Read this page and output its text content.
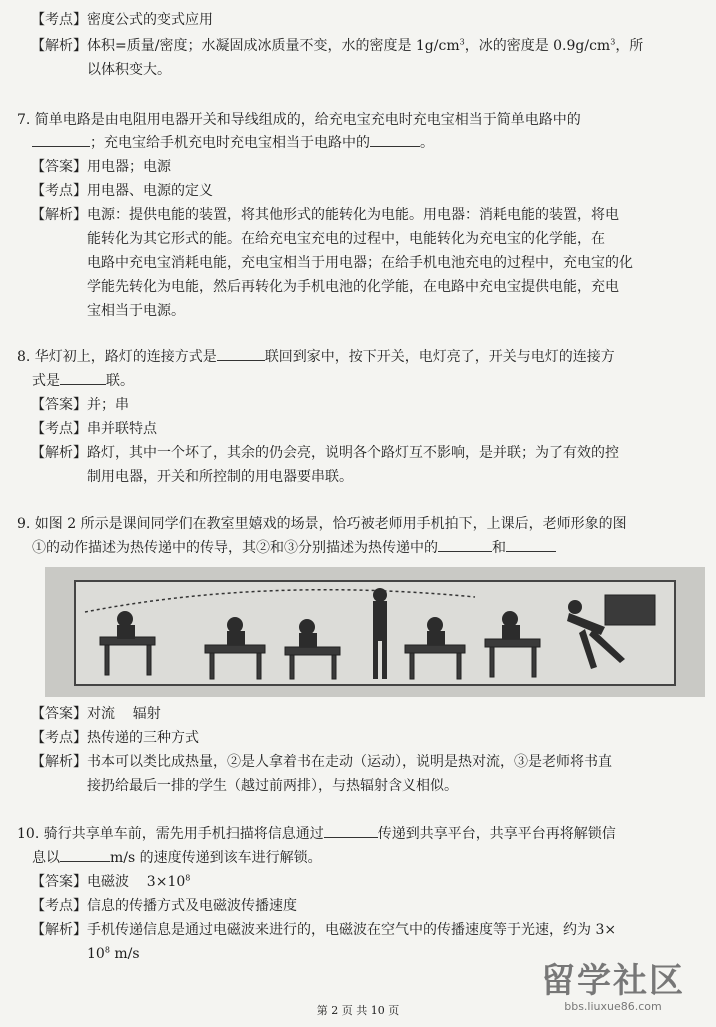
【考点】密度公式的变式应用
【解析】体积=质量/密度；水凝固成冰质量不变，水的密度是 $1g/cm^3$，冰的密度是 $0.9g/cm^3$，所
以体积变大。
7. 简单电路是由电阻用电器开关和导线组成的，给充电宝充电时充电宝相当于简单电路中的
；充电宝给手机充电时充电宝相当于电路中的	。
【答案】用电器；电源
【考点】用电器、电源的定义
【解析】电源：提供电能的装置，将其他形式的能转化为电能。用电器：消耗电能的装置，将电
能转化为其它形式的能。在给充电宝充电的过程中，电能转化为充电宝的化学能，在
电路中充电宝消耗电能，充电宝相当于用电器；在给手机电池充电的过程中，充电宝的化
学能先转化为电能，然后再转化为手机电池的化学能，在电路中充电宝提供电能，充电
宝相当于电源。
8. 华灯初上，路灯的连接方式是	联回到家中，按下开关，电灯亮了，开关与电灯的连接方
式是	联。
【答案】并；串
【考点】串并联特点
【解析】路灯，其中一个坏了，其余的仍会亮，说明各个路灯互不影响，是并联；为了有效的控
制用电器，开关和所控制的用电器要串联。
9. 如图 2 所示是课间同学们在教室里嬉戏的场景，恰巧被老师用手机拍下，上课后，老师形象的图
①的动作描述为热传递中的传导，其②和③分别描述为热传递中的	和
【答案】对流    辐射
【考点】热传递的三种方式
【解析】书本可以类比成热量，②是人拿着书在走动（运动），说明是热对流，③是老师将书直
接扔给最后一排的学生（越过前两排），与热辐射含义相似。
10. 骑行共享单车前，需先用手机扫描将信息通过	传递到共享平台，共享平台再将解锁信
息以	m/s 的速度传递到该车进行解锁。
【答案】电磁波    $3\times 10^8$
【考点】信息的传播方式及电磁波传播速度
【解析】手机传递信息是通过电磁波来进行的，电磁波在空气中的传播速度等于光速，约为 3×
$10^8$ m/s
留学社区
bbs.liuxue86.com
第 2 页 共 10 页
